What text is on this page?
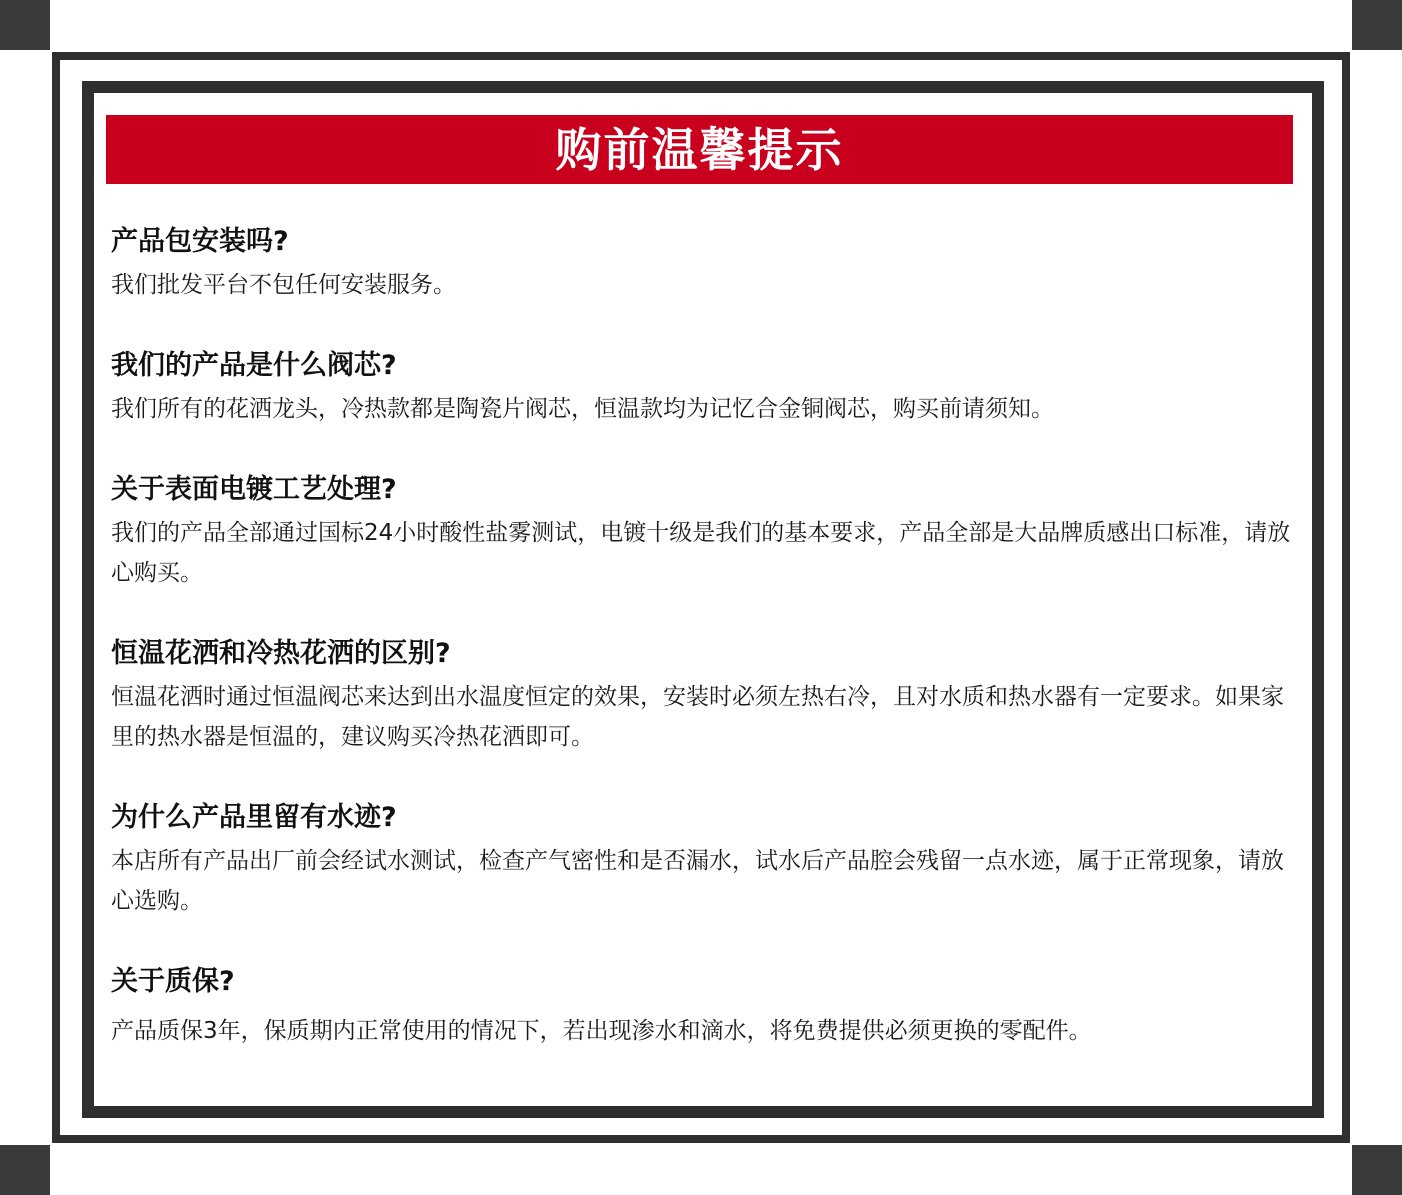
购前温馨提示

产品包安装吗?

我们批发平台不包任何安装服务。

我们的产品是什么阀芯?

我们所有的花洒龙头，冷热款都是陶瓷片阀芯，恒温款均为记忆合金铜阀芯，购买前请须知。

关于表面电镀工艺处理?

我们的产品全部通过国标24小时酸性盐雾测试，电镀十级是我们的基本要求，产品全部是大品牌质感出口标准，请放心购买。

恒温花洒和冷热花洒的区别?

恒温花洒时通过恒温阀芯来达到出水温度恒定的效果，安装时必须左热右冷，且对水质和热水器有一定要求。如果家里的热水器是恒温的，建议购买冷热花洒即可。

为什么产品里留有水迹?

本店所有产品出厂前会经试水测试，检查产气密性和是否漏水，试水后产品腔会残留一点水迹，属于正常现象，请放心选购。

关于质保?

产品质保3年，保质期内正常使用的情况下，若出现渗水和滴水，将免费提供必须更换的零配件。
